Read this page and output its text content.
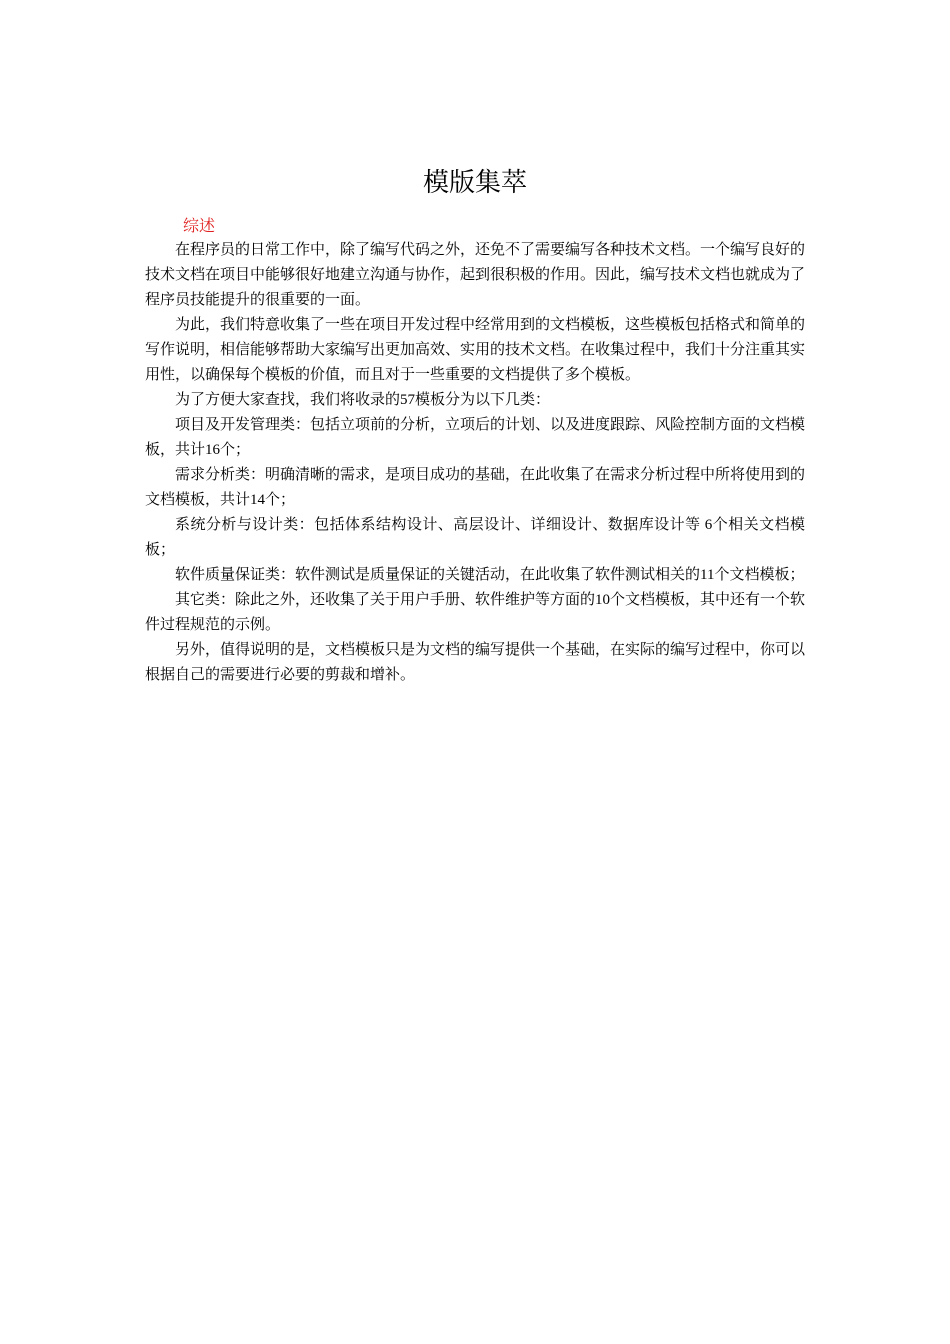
模版集萃
综述

在程序员的日常工作中，除了编写代码之外，还免不了需要编写各种技术文档。一个编写良好的技术文档在项目中能够很好地建立沟通与协作，起到很积极的作用。因此，编写技术文档也就成为了程序员技能提升的很重要的一面。

为此，我们特意收集了一些在项目开发过程中经常用到的文档模板，这些模板包括格式和简单的写作说明，相信能够帮助大家编写出更加高效、实用的技术文档。在收集过程中，我们十分注重其实用性，以确保每个模板的价值，而且对于一些重要的文档提供了多个模板。

为了方便大家查找，我们将收录的57模板分为以下几类：

项目及开发管理类：包括立项前的分析，立项后的计划、以及进度跟踪、风险控制方面的文档模板，共计16个；

需求分析类：明确清晰的需求，是项目成功的基础，在此收集了在需求分析过程中所将使用到的文档模板，共计14个；

系统分析与设计类：包括体系结构设计、高层设计、详细设计、数据库设计等 6个相关文档模板；

软件质量保证类：软件测试是质量保证的关键活动，在此收集了软件测试相关的11个文档模板；

其它类：除此之外，还收集了关于用户手册、软件维护等方面的10个文档模板，其中还有一个软件过程规范的示例。

另外，值得说明的是，文档模板只是为文档的编写提供一个基础，在实际的编写过程中，你可以根据自己的需要进行必要的剪裁和增补。
